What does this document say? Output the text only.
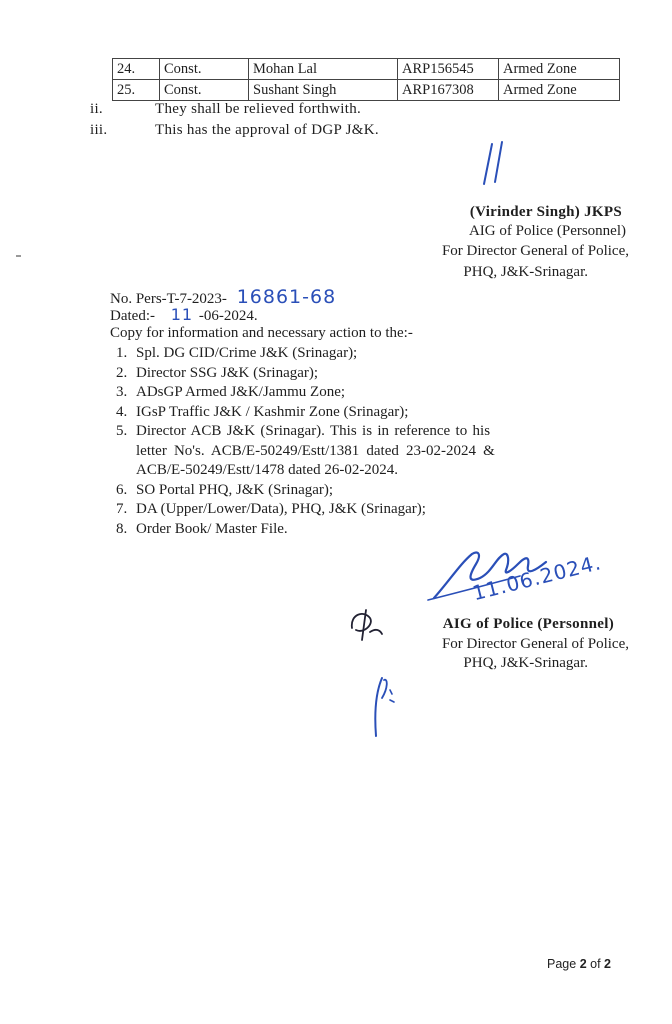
24.	Const.	Mohan Lal	ARP156545	Armed Zone
25.	Const.	Sushant Singh	ARP167308	Armed Zone
ii.	They shall be relieved forthwith.
iii.	This has the approval of DGP J&K.
(Virinder Singh) JKPS
AIG of Police (Personnel)
For Director General of Police,
PHQ, J&K-Srinagar.
No. Pers-T-7-2023- 16861-68
Dated:- 11 -06-2024.
Copy for information and necessary action to the:-
1. Spl. DG CID/Crime J&K (Srinagar);
2. Director SSG J&K (Srinagar);
3. ADsGP Armed J&K/Jammu Zone;
4. IGsP Traffic J&K / Kashmir Zone (Srinagar);
5. Director ACB J&K (Srinagar). This is in reference to his
letter No's. ACB/E-50249/Estt/1381 dated 23-02-2024 &
ACB/E-50249/Estt/1478 dated 26-02-2024.
6. SO Portal PHQ, J&K (Srinagar);
7. DA (Upper/Lower/Data), PHQ, J&K (Srinagar);
8. Order Book/ Master File.
11.06.2024.
AIG of Police (Personnel)
For Director General of Police,
PHQ, J&K-Srinagar.
Page 2 of 2
